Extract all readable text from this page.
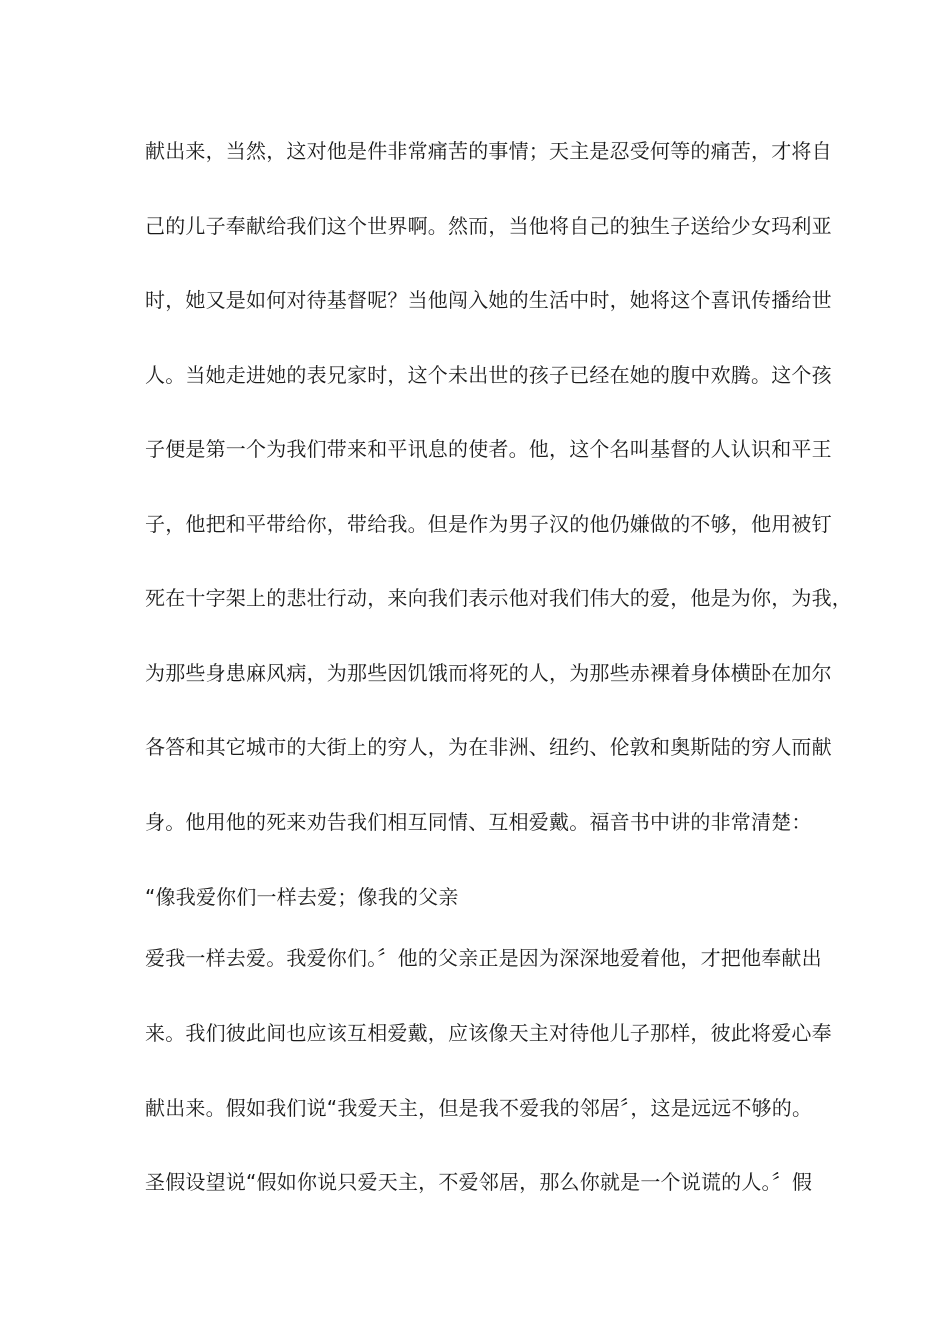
献出来，当然，这对他是件非常痛苦的事情；天主是忍受何等的痛苦，才将自
己的儿子奉献给我们这个世界啊。然而，当他将自己的独生子送给少女玛利亚
时，她又是如何对待基督呢？当他闯入她的生活中时，她将这个喜讯传播给世
人。当她走进她的表兄家时，这个未出世的孩子已经在她的腹中欢腾。这个孩
子便是第一个为我们带来和平讯息的使者。他，这个名叫基督的人认识和平王
子，他把和平带给你，带给我。但是作为男子汉的他仍嫌做的不够，他用被钉
死在十字架上的悲壮行动，来向我们表示他对我们伟大的爱，他是为你，为我，
为那些身患麻风病，为那些因饥饿而将死的人，为那些赤裸着身体横卧在加尔
各答和其它城市的大街上的穷人，为在非洲、纽约、伦敦和奥斯陆的穷人而献
身。他用他的死来劝告我们相互同情、互相爱戴。福音书中讲的非常清楚：
“像我爱你们一样去爱；像我的父亲
爱我一样去爱。我爱你们。〞他的父亲正是因为深深地爱着他，才把他奉献出
来。我们彼此间也应该互相爱戴，应该像天主对待他儿子那样，彼此将爱心奉
献出来。假如我们说“我爱天主，但是我不爱我的邻居〞，这是远远不够的。
圣假设望说“假如你说只爱天主，不爱邻居，那么你就是一个说谎的人。〞假
